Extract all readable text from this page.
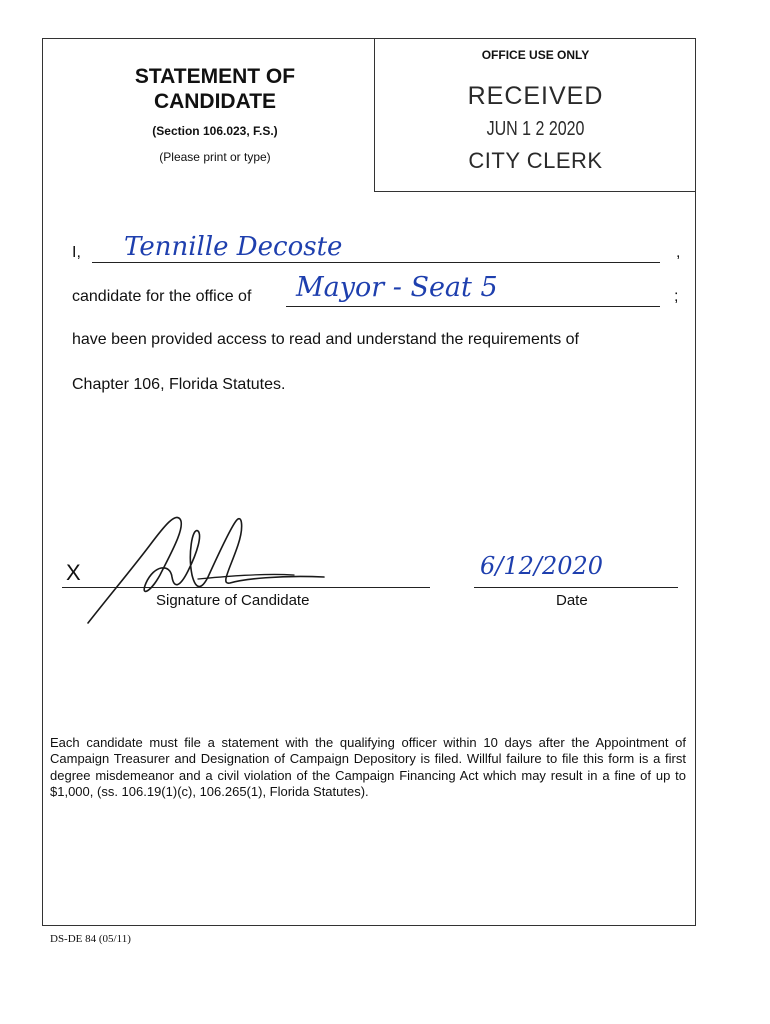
OFFICE USE ONLY
RECEIVED
JUN 1 2 2020
CITY CLERK
STATEMENT OF
CANDIDATE
(Section 106.023, F.S.)
(Please print or type)
I, Tennille Decoste	,
candidate for the office of Mayor - Seat 5	;
have been provided access to read and understand the requirements of
Chapter 106, Florida Statutes.
X
Signature of Candidate
6/12/2020
Date
Each candidate must file a statement with the qualifying officer within 10 days after the Appointment of Campaign Treasurer and Designation of Campaign Depository is filed. Willful failure to file this form is a first degree misdemeanor and a civil violation of the Campaign Financing Act which may result in a fine of up to $1,000, (ss. 106.19(1)(c), 106.265(1), Florida Statutes).
DS-DE 84 (05/11)
